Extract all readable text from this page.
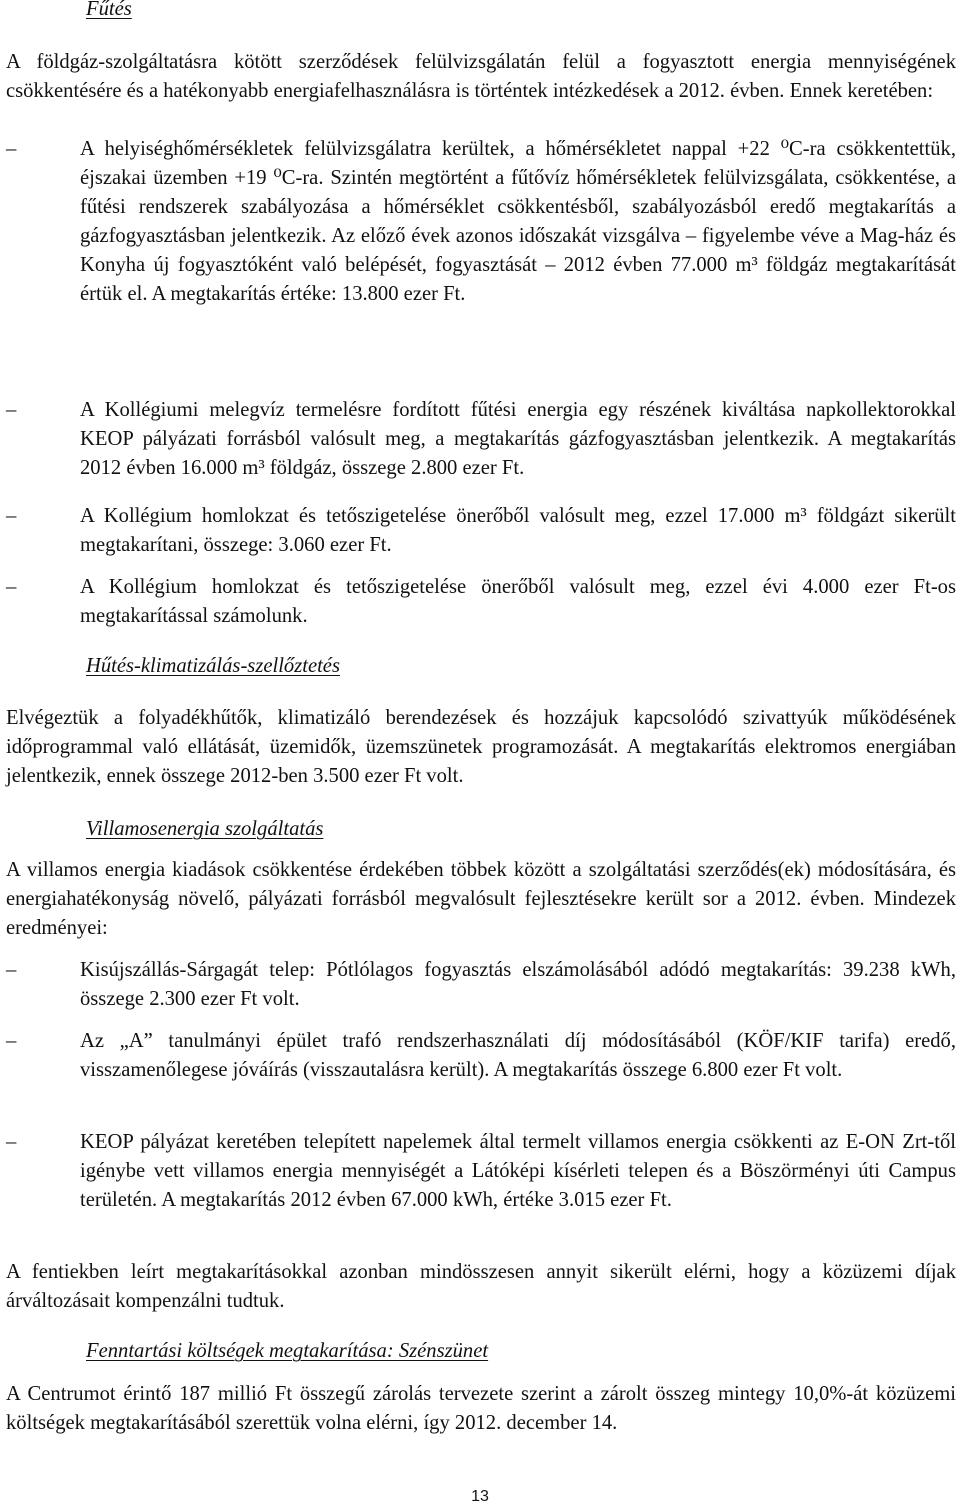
Fűtés

A földgáz-szolgáltatásra kötött szerződések felülvizsgálatán felül a fogyasztott energia mennyiségének csökkentésére és a hatékonyabb energiafelhasználásra is történtek intézkedések a 2012. évben. Ennek keretében:

–	A helyiséghőmérsékletek felülvizsgálatra kerültek, a hőmérsékletet nappal +22 ⁰C-ra csökkentettük, éjszakai üzemben +19 ⁰C-ra. Szintén megtörtént a fűtővíz hőmérsékletek felülvizsgálata, csökkentése, a fűtési rendszerek szabályozása a hőmérséklet csökkentésből, szabályozásból eredő megtakarítás a gázfogyasztásban jelentkezik. Az előző évek azonos időszakát vizsgálva – figyelembe véve a Mag-ház és Konyha új fogyasztóként való belépését, fogyasztását – 2012 évben 77.000 m³ földgáz megtakarítását értük el. A megtakarítás értéke: 13.800 ezer Ft.

–	A Kollégiumi melegvíz termelésre fordított fűtési energia egy részének kiváltása napkollektorokkal KEOP pályázati forrásból valósult meg, a megtakarítás gázfogyasztásban jelentkezik. A megtakarítás 2012 évben 16.000 m³ földgáz, összege 2.800 ezer Ft.

–	A Kollégium homlokzat és tetőszigetelése önerőből valósult meg, ezzel 17.000 m³ földgázt sikerült megtakarítani, összege: 3.060 ezer Ft.

–	A Kollégium homlokzat és tetőszigetelése önerőből valósult meg, ezzel évi 4.000 ezer Ft-os megtakarítással számolunk.

Hűtés-klimatizálás-szellőztetés

Elvégeztük a folyadékhűtők, klimatizáló berendezések és hozzájuk kapcsolódó szivattyúk működésének időprogrammal való ellátását, üzemidők, üzemszünetek programozását. A megtakarítás elektromos energiában jelentkezik, ennek összege 2012-ben 3.500 ezer Ft volt.

Villamosenergia szolgáltatás

A villamos energia kiadások csökkentése érdekében többek között a szolgáltatási szerződés(ek) módosítására, és energiahatékonyság növelő, pályázati forrásból megvalósult fejlesztésekre került sor a 2012. évben. Mindezek eredményei:

–	Kisújszállás-Sárgagát telep: Pótlólagos fogyasztás elszámolásából adódó megtakarítás: 39.238 kWh, összege 2.300 ezer Ft volt.

–	Az „A” tanulmányi épület trafó rendszerhasználati díj módosításából (KÖF/KIF tarifa) eredő, visszamenőlegese jóváírás (visszautalásra került). A megtakarítás összege 6.800 ezer Ft volt.

–	KEOP pályázat keretében telepített napelemek által termelt villamos energia csökkenti az E-ON Zrt-től igénybe vett villamos energia mennyiségét a Látóképi kísérleti telepen és a Böszörményi úti Campus területén. A megtakarítás 2012 évben 67.000 kWh, értéke 3.015 ezer Ft.

A fentiekben leírt megtakarításokkal azonban mindösszesen annyit sikerült elérni, hogy a közüzemi díjak árváltozásait kompenzálni tudtuk.

Fenntartási költségek megtakarítása: Szénszünet

A Centrumot érintő 187 millió Ft összegű zárolás tervezete szerint a zárolt összeg mintegy 10,0%-át közüzemi költségek megtakarításából szerettük volna elérni, így 2012. december 14.

13
